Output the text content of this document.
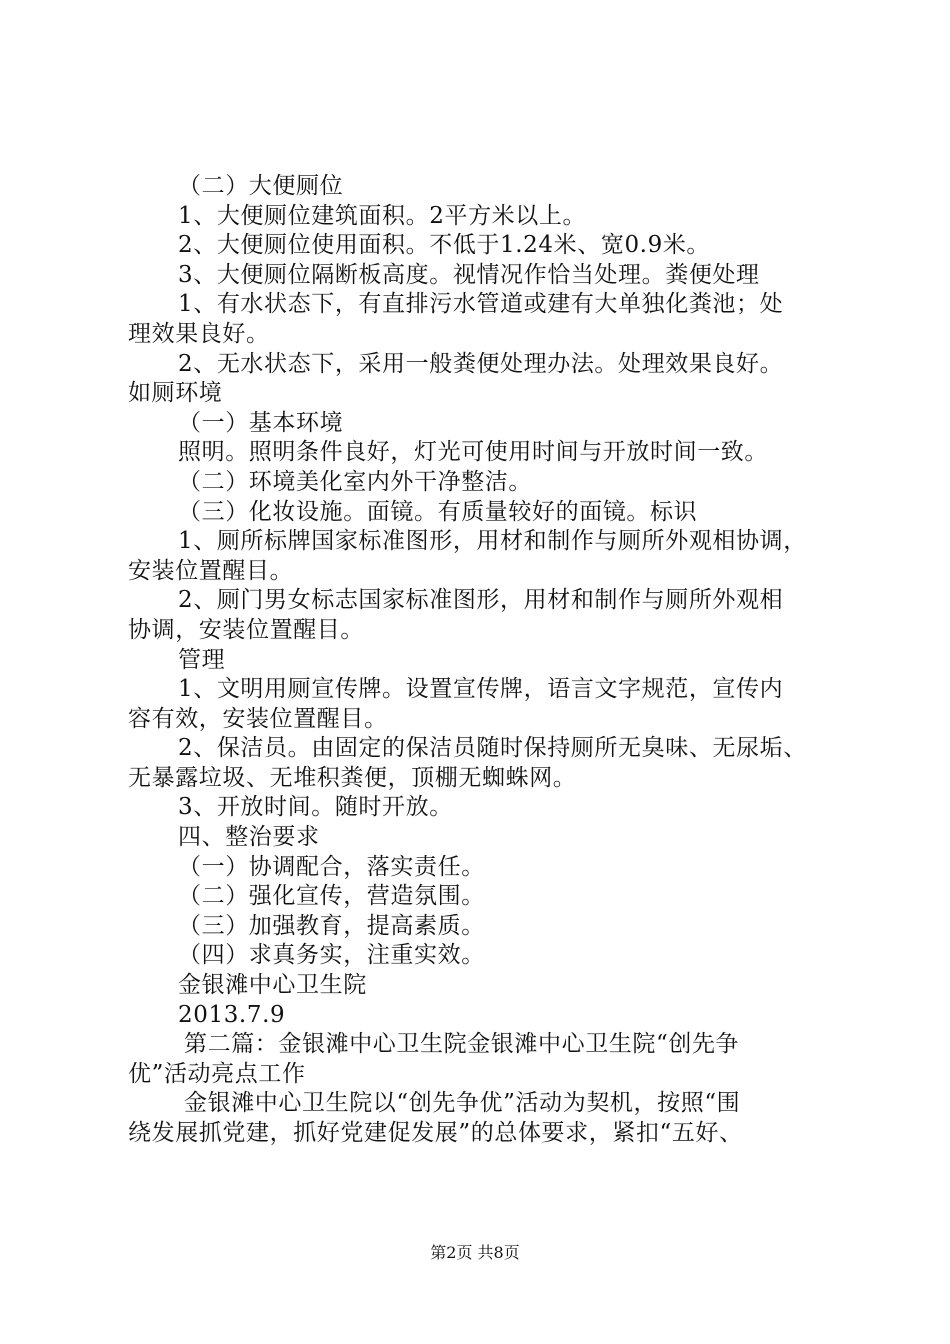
（二）大便厕位
1、大便厕位建筑面积。2平方米以上。
2、大便厕位使用面积。不低于1.24米、宽0.9米。
3、大便厕位隔断板高度。视情况作恰当处理。粪便处理
1、有水状态下，有直排污水管道或建有大单独化粪池；处
理效果良好。
2、无水状态下，采用一般粪便处理办法。处理效果良好。
如厕环境
（一）基本环境
照明。照明条件良好，灯光可使用时间与开放时间一致。
（二）环境美化室内外干净整洁。
（三）化妆设施。面镜。有质量较好的面镜。标识
1、厕所标牌国家标准图形，用材和制作与厕所外观相协调，
安装位置醒目。
2、厕门男女标志国家标准图形，用材和制作与厕所外观相
协调，安装位置醒目。
管理
1、文明用厕宣传牌。设置宣传牌，语言文字规范，宣传内
容有效，安装位置醒目。
2、保洁员。由固定的保洁员随时保持厕所无臭味、无尿垢、
无暴露垃圾、无堆积粪便，顶棚无蜘蛛网。
3、开放时间。随时开放。
四、整治要求
（一）协调配合，落实责任。
（二）强化宣传，营造氛围。
（三）加强教育，提高素质。
（四）求真务实，注重实效。
金银滩中心卫生院
2013.7.9
第二篇：金银滩中心卫生院金银滩中心卫生院“创先争
优”活动亮点工作
金银滩中心卫生院以“创先争优”活动为契机，按照“围
绕发展抓党建，抓好党建促发展”的总体要求，紧扣“五好、
第2页 共8页
